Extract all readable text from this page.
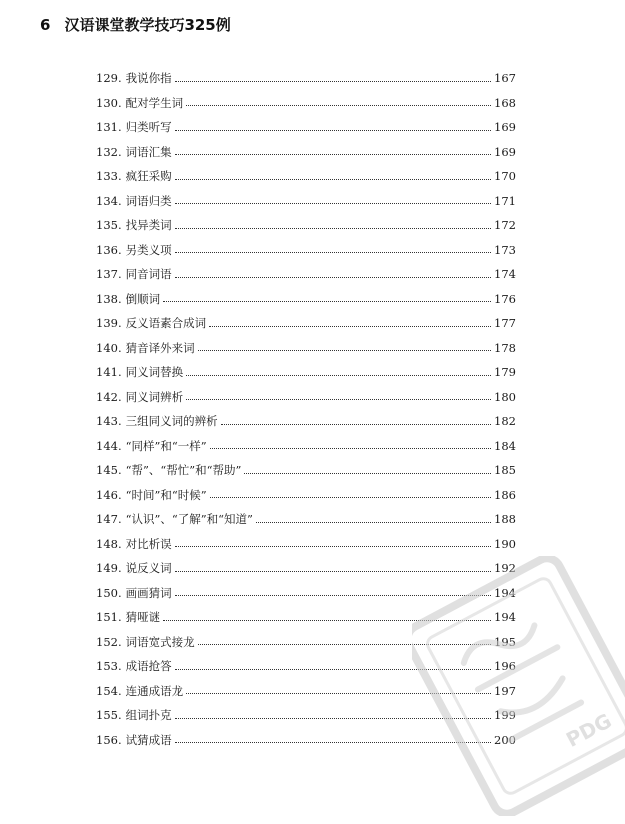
6 汉语课堂教学技巧325例
129. 我说你指	167
130. 配对学生词	168
131. 归类听写	169
132. 词语汇集	169
133. 疯狂采购	170
134. 词语归类	171
135. 找异类词	172
136. 另类义项	173
137. 同音词语	174
138. 倒顺词	176
139. 反义语素合成词	177
140. 猜音译外来词	178
141. 同义词替换	179
142. 同义词辨析	180
143. 三组同义词的辨析	182
144. “同样”和“一样”	184
145. “帮”、“帮忙”和“帮助”	185
146. “时间”和“时候”	186
147. “认识”、“了解”和“知道”	188
148. 对比析误	190
149. 说反义词	192
150. 画画猜词	194
151. 猜哑谜	194
152. 词语宽式接龙	195
153. 成语抢答	196
154. 连通成语龙	197
155. 组词扑克	199
156. 试猜成语	200 PDG
